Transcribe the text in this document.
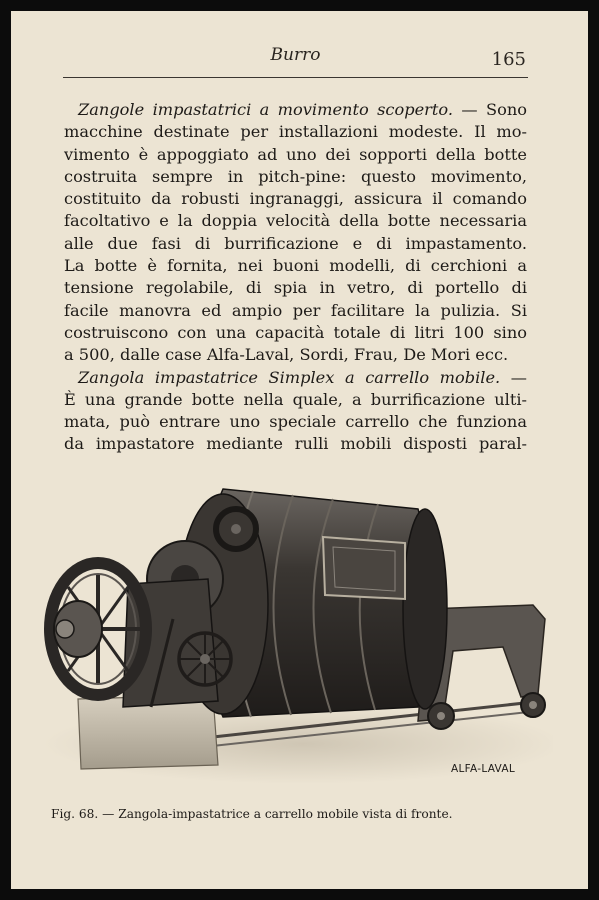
Burro	165
Zangole impastatrici a movimento scoperto. — Sono
macchine destinate per installazioni modeste. Il mo-
vimento è appoggiato ad uno dei sopporti della botte
costruita sempre in pitch-pine: questo movimento,
costituito da robusti ingranaggi, assicura il comando
facoltativo e la doppia velocità della botte necessaria
alle due fasi di burrificazione e di impastamento.
La botte è fornita, nei buoni modelli, di cerchioni a
tensione regolabile, di spia in vetro, di portello di
facile manovra ed ampio per facilitare la pulizia. Si
costruiscono con una capacità totale di litri 100 sino
a 500, dalle case Alfa-Laval, Sordi, Frau, De Mori ecc.
Zangola impastatrice Simplex a carrello mobile. —
È una grande botte nella quale, a burrificazione ulti-
mata, può entrare uno speciale carrello che funziona
da impastatore mediante rulli mobili disposti paral-
ALFA-LAVAL
Fig. 68. — Zangola-impastatrice a carrello mobile vista di fronte.
